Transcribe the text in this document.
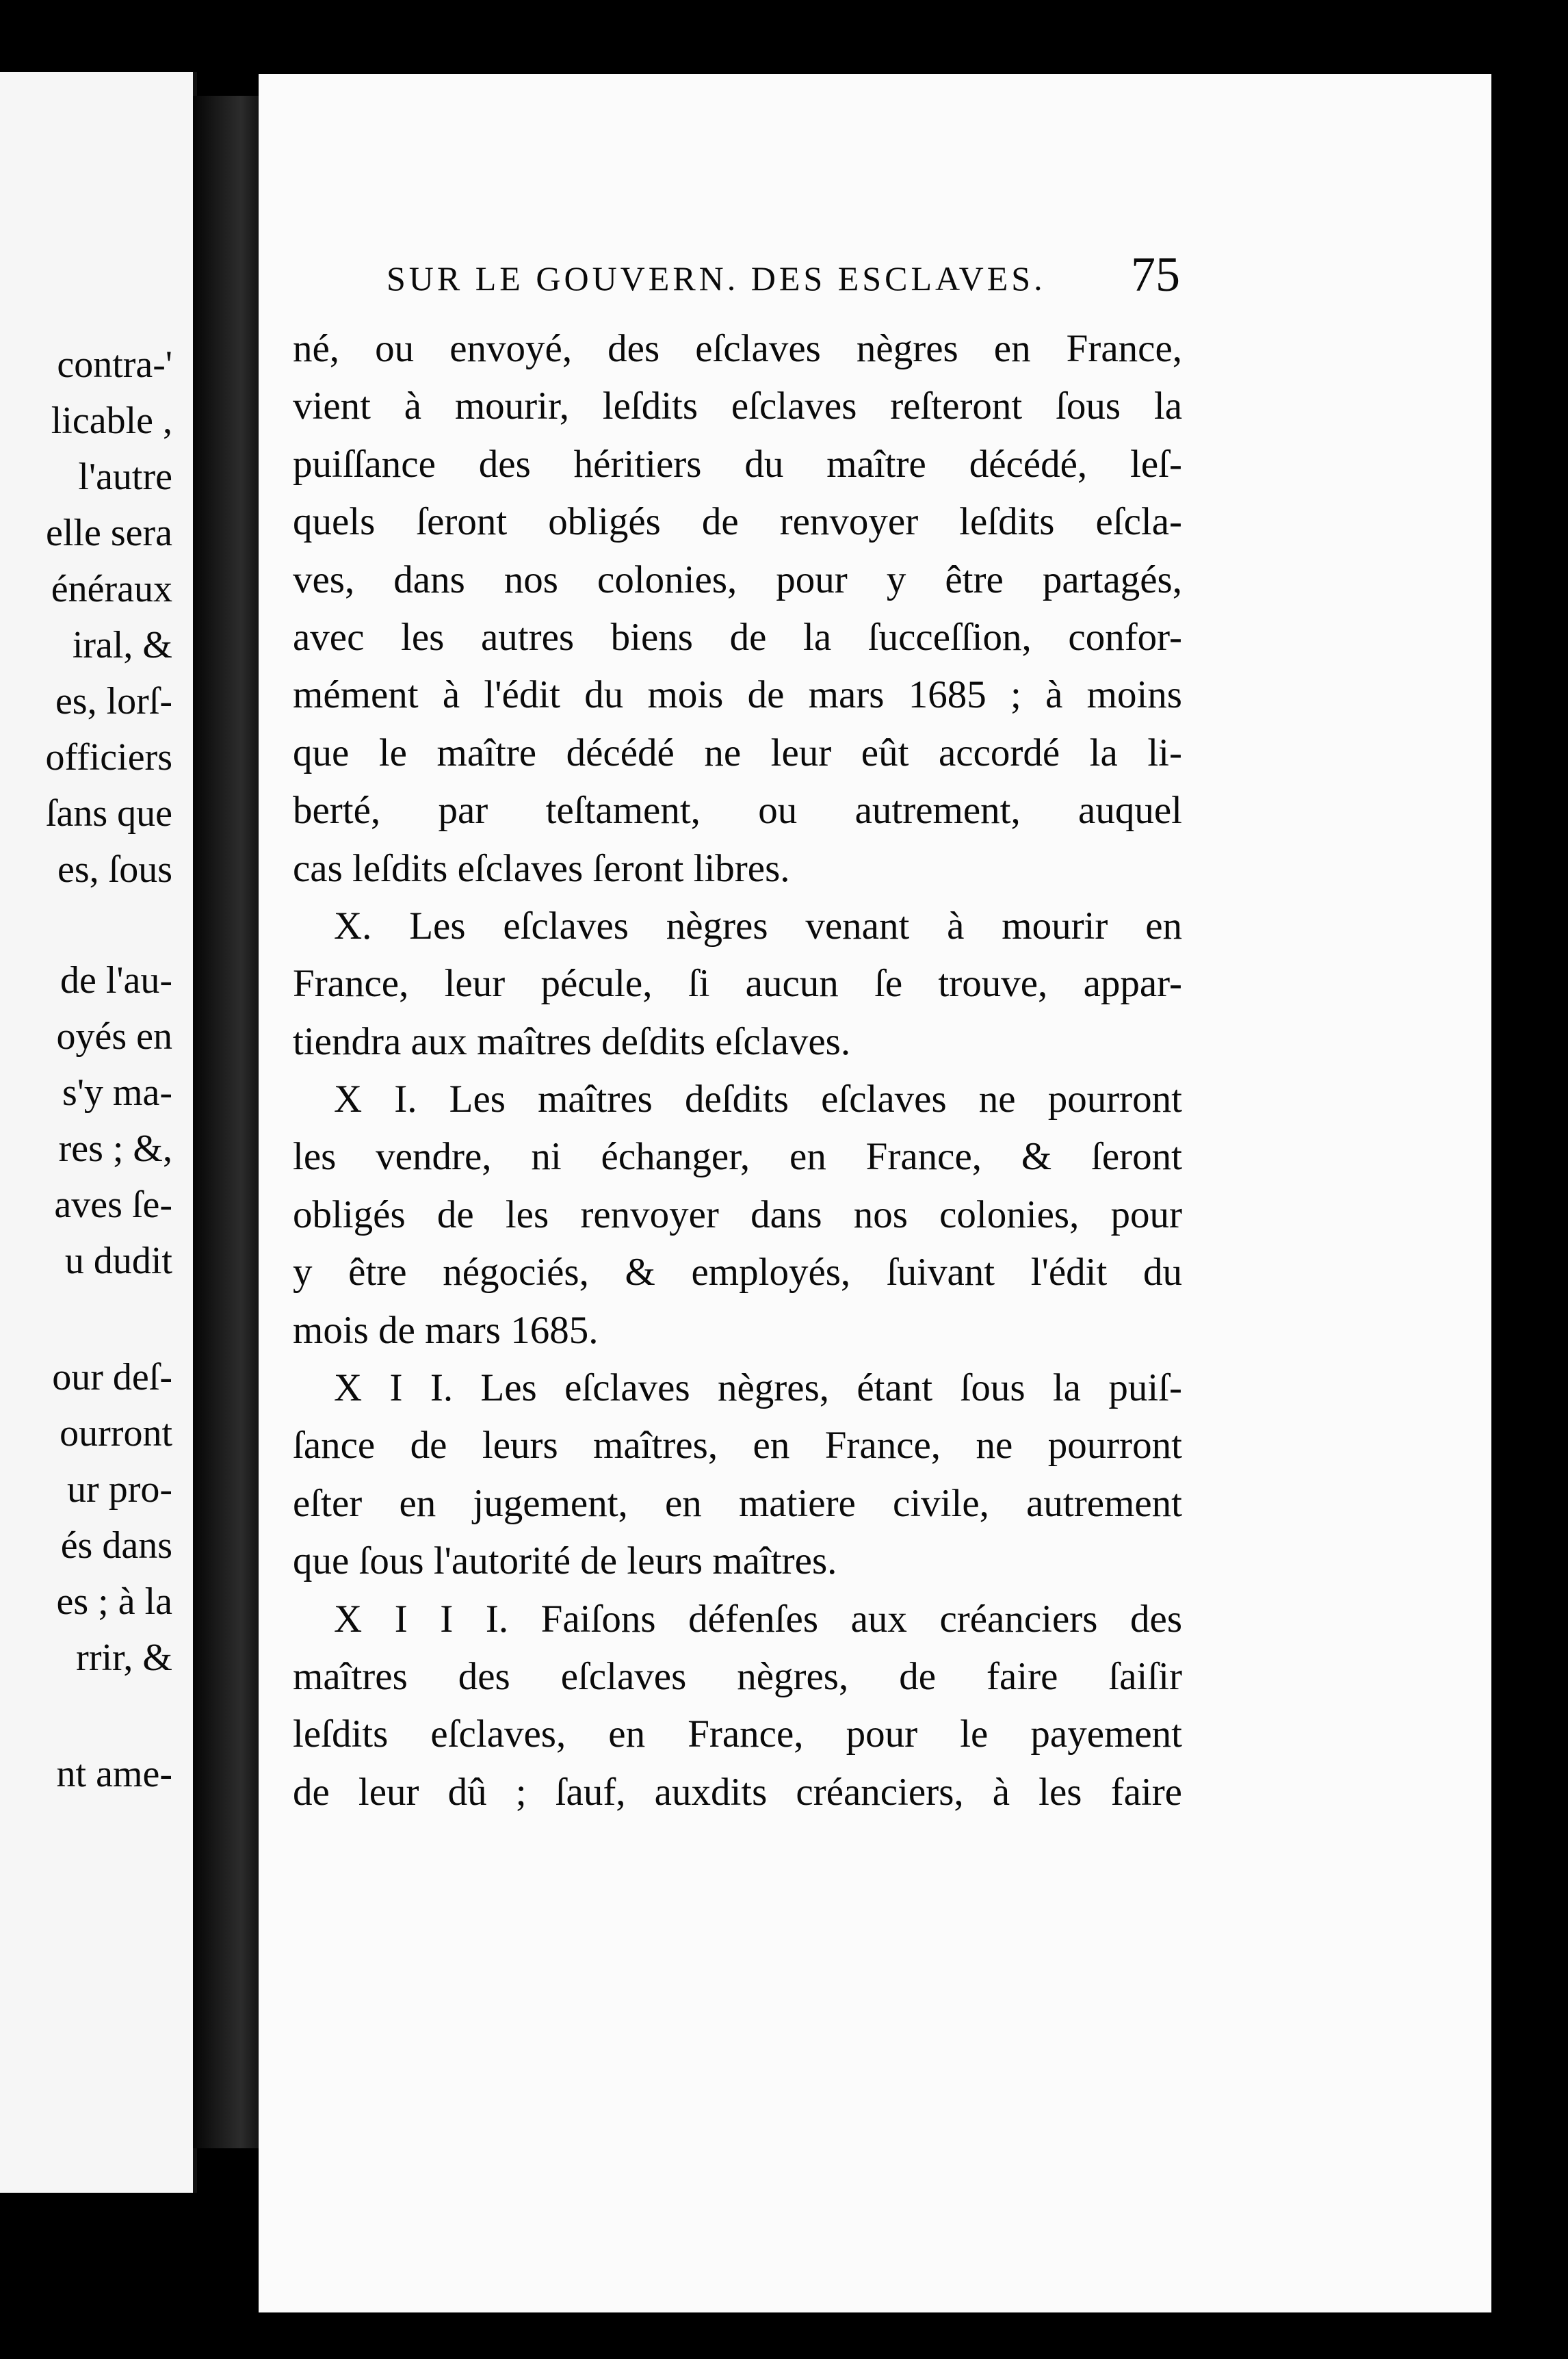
contra-'
licable ,
l'autre
elle sera
énéraux
iral, &
es, lorſ-
officiers
ſans que
es, ſous
de l'au-
oyés en
s'y ma-
res ; &,
aves ſe-
u dudit
our deſ-
ourront
ur pro-
és dans
es ; à la
rrir, &
nt ame-
SUR LE GOUVERN. DES ESCLAVES. 75
né, ou envoyé, des eſclaves nègres en France,
vient à mourir, leſdits eſclaves reſteront ſous la
puiſſance des héritiers du maître décédé, leſ-
quels ſeront obligés de renvoyer leſdits eſcla-
ves, dans nos colonies, pour y être partagés,
avec les autres biens de la ſucceſſion, confor-
mément à l'édit du mois de mars 1685 ; à moins
que le maître décédé ne leur eût accordé la li-
berté, par teſtament, ou autrement, auquel
cas leſdits eſclaves ſeront libres.
X. Les eſclaves nègres venant à mourir en
France, leur pécule, ſi aucun ſe trouve, appar-
tiendra aux maîtres deſdits eſclaves.
X I. Les maîtres deſdits eſclaves ne pourront
les vendre, ni échanger, en France, & ſeront
obligés de les renvoyer dans nos colonies, pour
y être négociés, & employés, ſuivant l'édit du
mois de mars 1685.
X I I. Les eſclaves nègres, étant ſous la puiſ-
ſance de leurs maîtres, en France, ne pourront
eſter en jugement, en matiere civile, autrement
que ſous l'autorité de leurs maîtres.
X I I I. Faiſons défenſes aux créanciers des
maîtres des eſclaves nègres, de faire ſaiſir
leſdits eſclaves, en France, pour le payement
de leur dû ; ſauf, auxdits créanciers, à les faire
